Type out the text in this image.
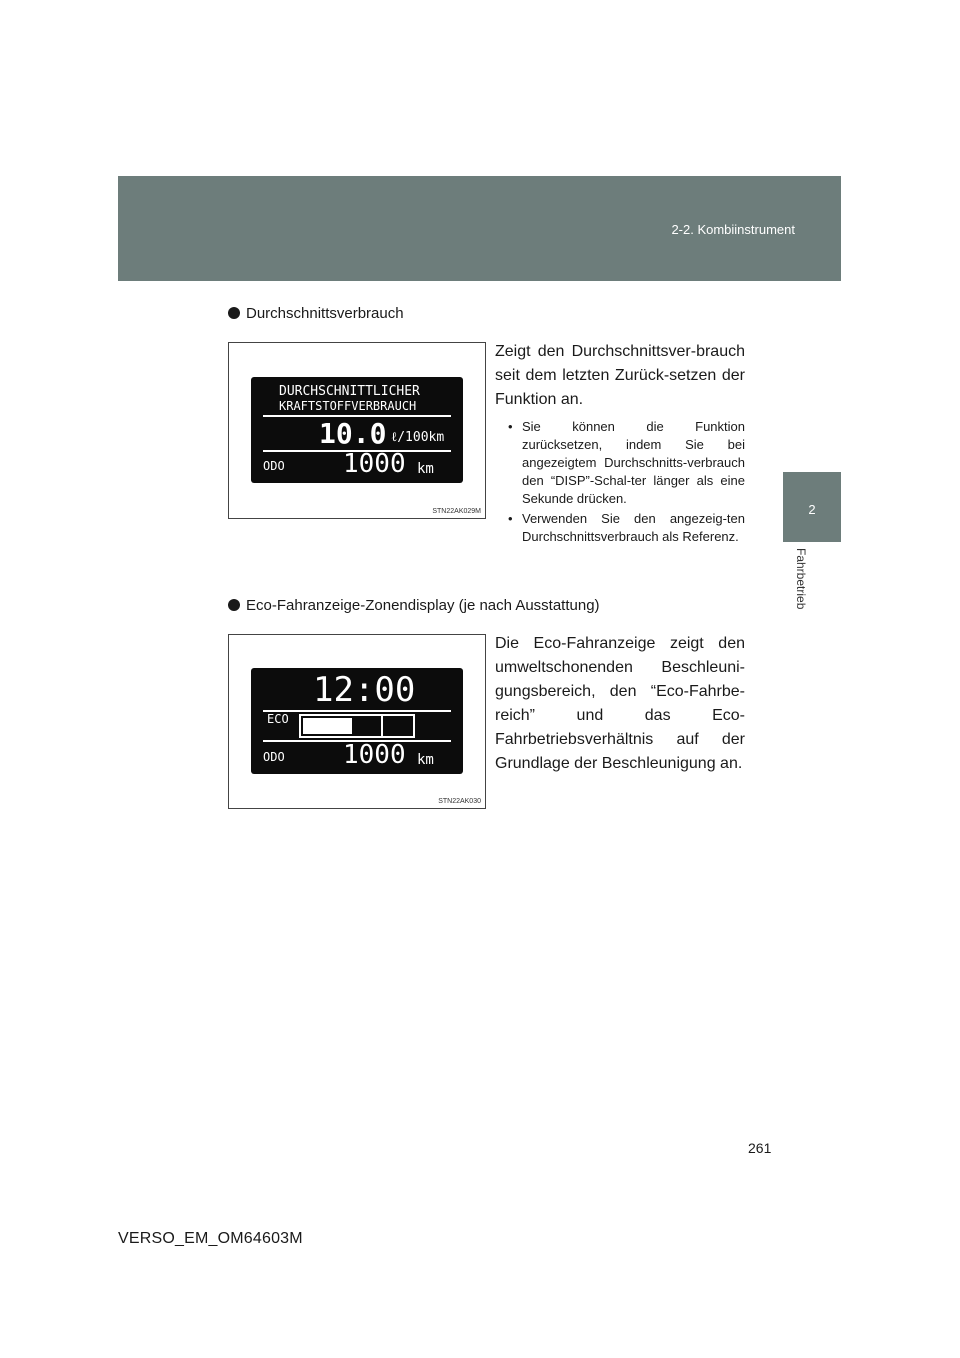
2-2. Kombiinstrument
2
Fahrbetrieb
Durchschnittsverbrauch
DURCHSCHNITTLICHER
KRAFTSTOFFVERBRAUCH
10.0 ℓ/100km
ODO 1000 km
STN22AK029M
Zeigt den Durchschnittsver-brauch seit dem letzten Zurück-setzen der Funktion an.
• Sie können die Funktion zurücksetzen, indem Sie bei angezeigtem Durchschnitts-verbrauch den “DISP”-Schal-ter länger als eine Sekunde drücken.
• Verwenden Sie den angezeig-ten Durchschnittsverbrauch als Referenz.
Eco-Fahranzeige-Zonendisplay (je nach Ausstattung)
12:00
ECO
ODO 1000 km
STN22AK030
Die Eco-Fahranzeige zeigt den umweltschonenden Beschleuni-gungsbereich, den “Eco-Fahrbe-reich” und das Eco-Fahrbetriebsverhältnis auf der Grundlage der Beschleunigung an.
261
VERSO_EM_OM64603M
